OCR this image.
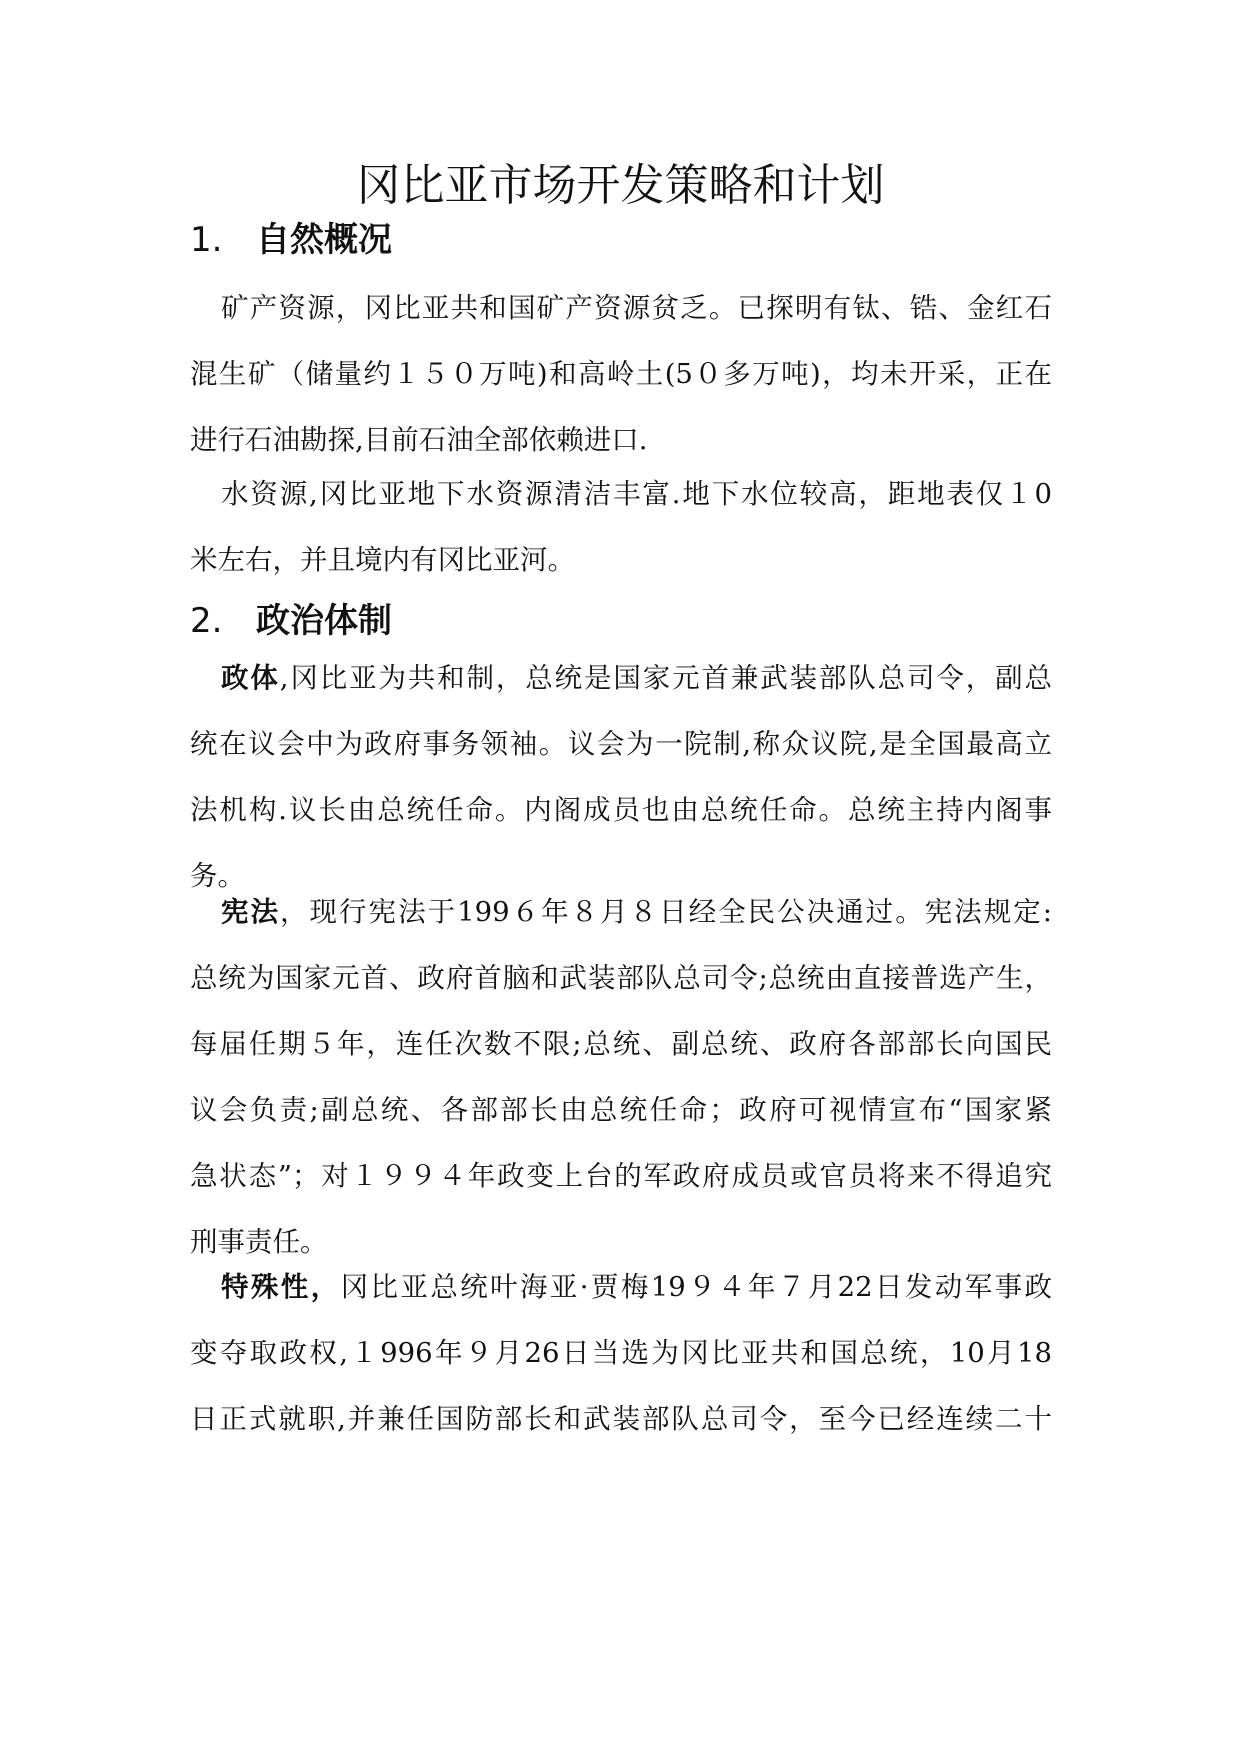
冈比亚市场开发策略和计划
1. 自然概况
矿产资源，冈比亚共和国矿产资源贫乏。已探明有钛、锆、金红石
混生矿（储量约１５０万吨)和高岭土(5０多万吨)，均未开采，正在
进行石油勘探,目前石油全部依赖进口.
水资源,冈比亚地下水资源清洁丰富.地下水位较高，距地表仅１0
米左右，并且境内有冈比亚河。
2. 政治体制
政体,冈比亚为共和制，总统是国家元首兼武装部队总司令，副总
统在议会中为政府事务领袖。议会为一院制,称众议院,是全国最高立
法机构.议长由总统任命。内阁成员也由总统任命。总统主持内阁事
务。
宪法，现行宪法于199６年８月８日经全民公决通过。宪法规定:
总统为国家元首、政府首脑和武装部队总司令;总统由直接普选产生，
每届任期５年，连任次数不限;总统、副总统、政府各部部长向国民
议会负责;副总统、各部部长由总统任命；政府可视情宣布“国家紧
急状态”；对１９９４年政变上台的军政府成员或官员将来不得追究
刑事责任。
特殊性，冈比亚总统叶海亚·贾梅19９４年７月22日发动军事政
变夺取政权,１996年９月26日当选为冈比亚共和国总统，10月18
日正式就职,并兼任国防部长和武装部队总司令，至今已经连续二十
